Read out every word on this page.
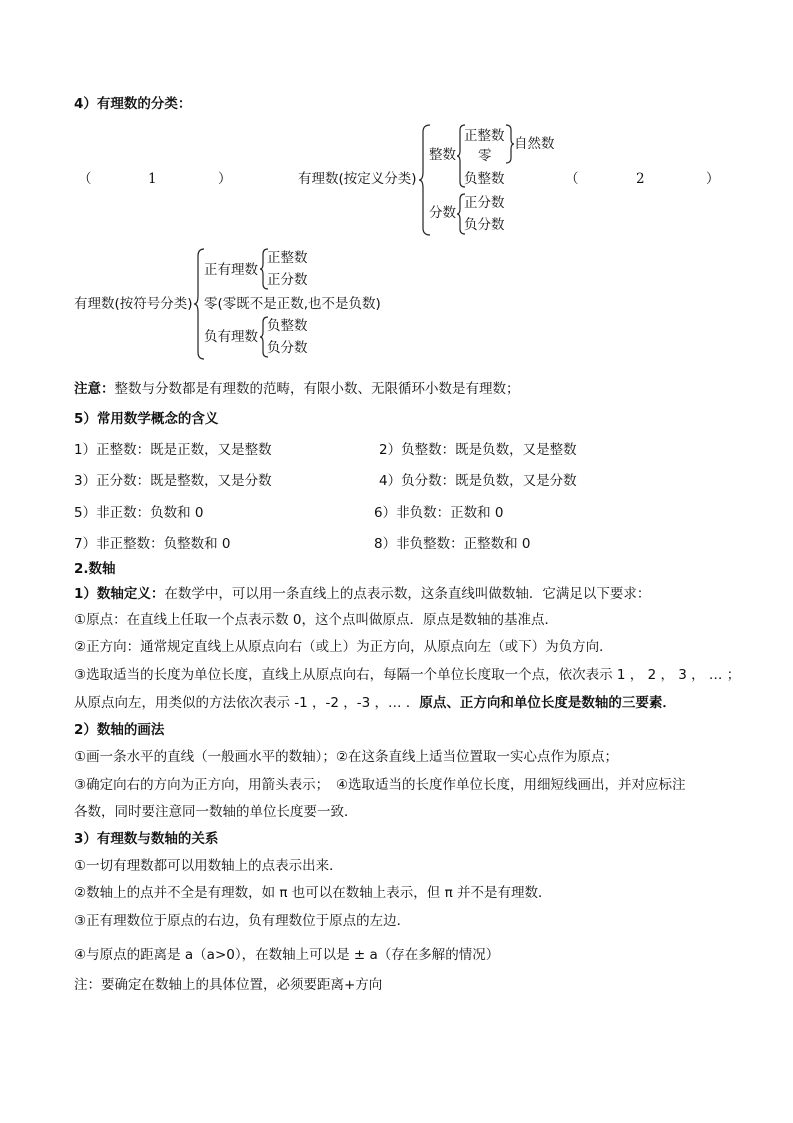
4）有理数的分类：
（	1	）	有理数(按定义分类)
整数
正整数
零
自然数
负整数
分数
正分数
负分数
（	2	）
有理数(按符号分类)
正有理数
正整数
正分数
零(零既不是正数,也不是负数)
负有理数
负整数
负分数
注意：整数与分数都是有理数的范畴，有限小数、无限循环小数是有理数；
5）常用数学概念的含义
1）正整数：既是正数，又是整数	2）负整数：既是负数，又是整数
3）正分数：既是整数，又是分数	4）负分数：既是负数，又是分数
5）非正数：负数和 0	6）非负数：正数和 0
7）非正整数：负整数和 0	8）非负整数：正整数和 0
2.数轴
1）数轴定义：在数学中，可以用一条直线上的点表示数，这条直线叫做数轴．它满足以下要求：
①原点：在直线上任取一个点表示数 0，这个点叫做原点．原点是数轴的基准点．
②正方向：通常规定直线上从原点向右（或上）为正方向，从原点向左（或下）为负方向．
③选取适当的长度为单位长度，直线上从原点向右，每隔一个单位长度取一个点，依次表示 1 ， 2 ， 3 ， … ；
从原点向左，用类似的方法依次表示 -1 ，-2 ，-3 ，… ．原点、正方向和单位长度是数轴的三要素．
2）数轴的画法
①画一条水平的直线（一般画水平的数轴）；②在这条直线上适当位置取一实心点作为原点；
③确定向右的方向为正方向，用箭头表示；　④选取适当的长度作单位长度，用细短线画出，并对应标注
各数，同时要注意同一数轴的单位长度要一致．
3）有理数与数轴的关系
①一切有理数都可以用数轴上的点表示出来．
②数轴上的点并不全是有理数，如 π 也可以在数轴上表示，但 π 并不是有理数．
③正有理数位于原点的右边，负有理数位于原点的左边．
④与原点的距离是 a（a>0），在数轴上可以是 ± a（存在多解的情况）
注：要确定在数轴上的具体位置，必须要距离+方向
